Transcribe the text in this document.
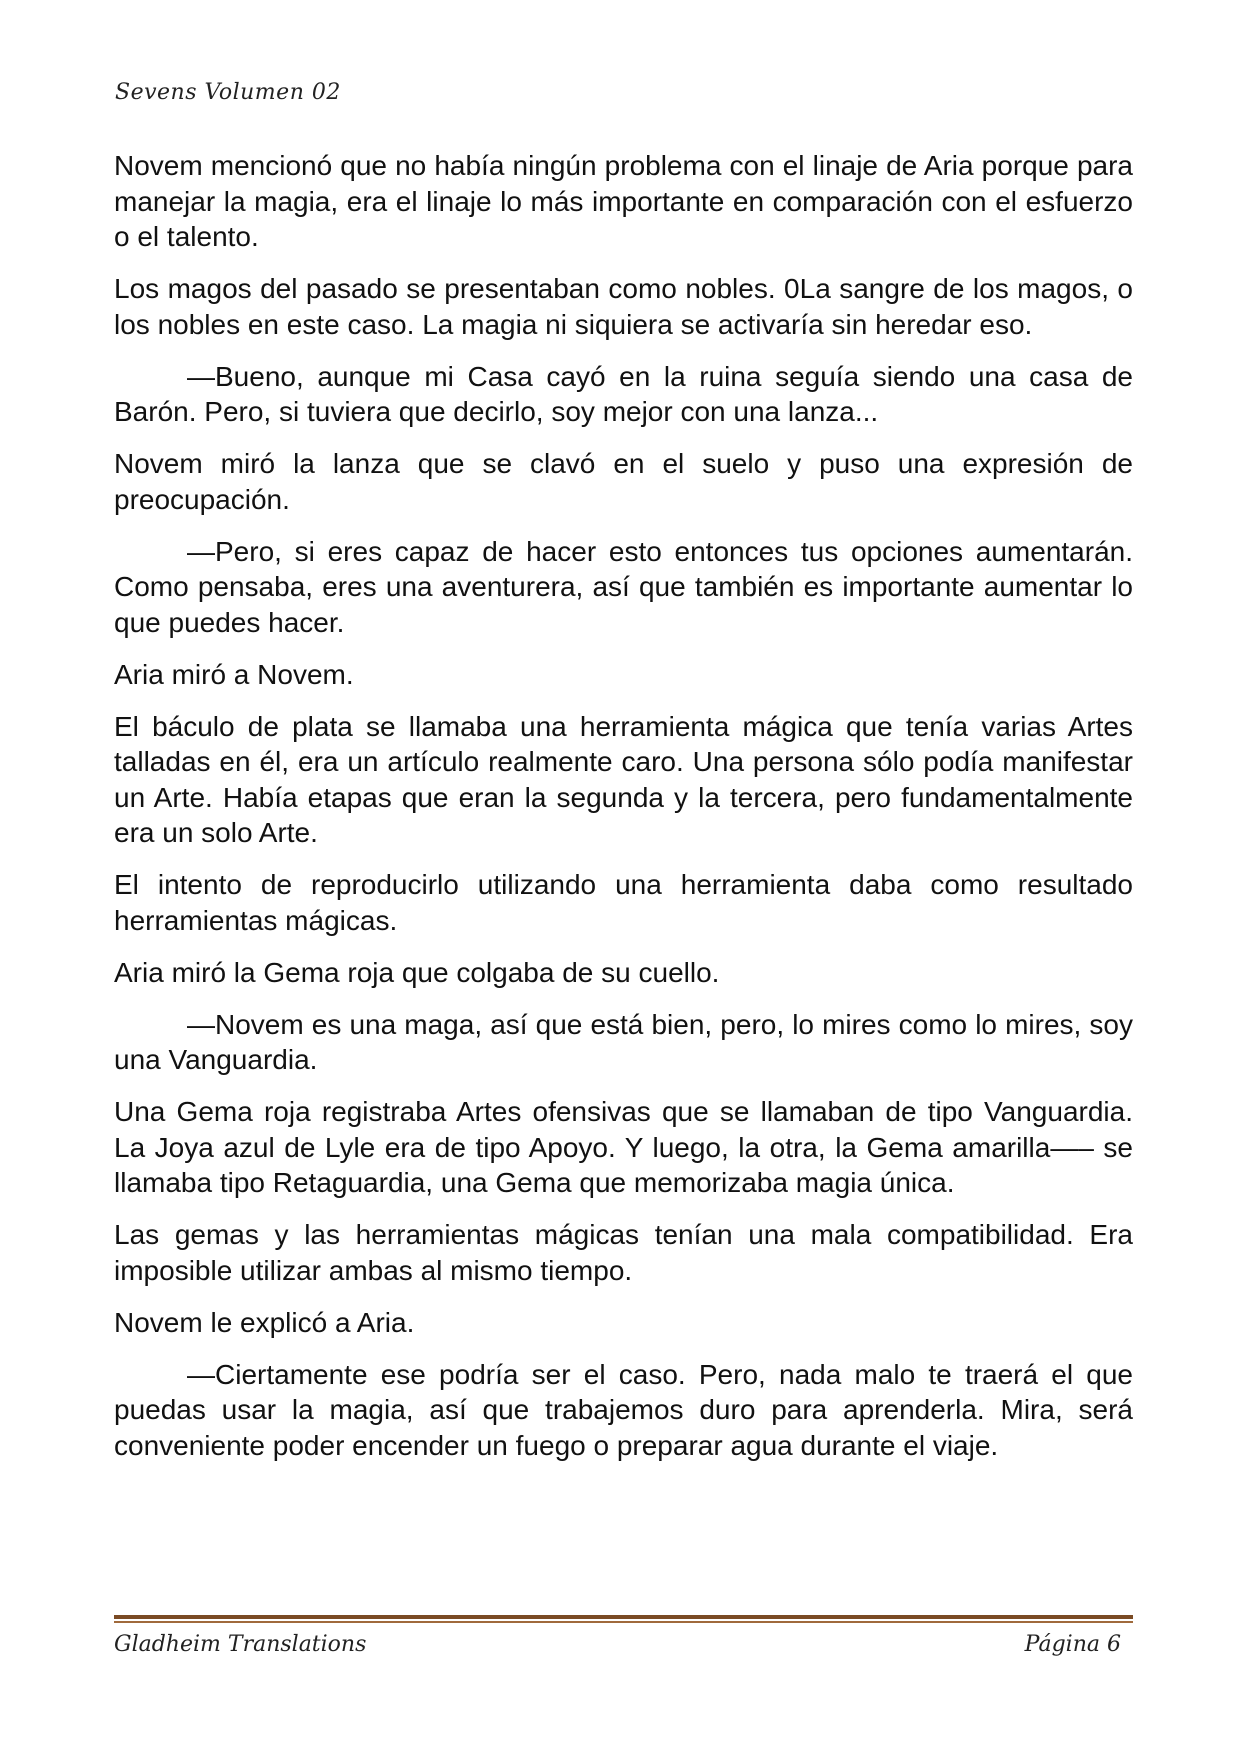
Sevens Volumen 02

Novem mencionó que no había ningún problema con el linaje de Aria porque para manejar la magia, era el linaje lo más importante en comparación con el esfuerzo o el talento.

Los magos del pasado se presentaban como nobles. 0La sangre de los magos, o los nobles en este caso. La magia ni siquiera se activaría sin heredar eso.

—Bueno, aunque mi Casa cayó en la ruina seguía siendo una casa de Barón. Pero, si tuviera que decirlo, soy mejor con una lanza...

Novem miró la lanza que se clavó en el suelo y puso una expresión de preocupación.

—Pero, si eres capaz de hacer esto entonces tus opciones aumentarán. Como pensaba, eres una aventurera, así que también es importante aumentar lo que puedes hacer.

Aria miró a Novem.

El báculo de plata se llamaba una herramienta mágica que tenía varias Artes talladas en él, era un artículo realmente caro. Una persona sólo podía manifestar un Arte. Había etapas que eran la segunda y la tercera, pero fundamentalmente era un solo Arte.

El intento de reproducirlo utilizando una herramienta daba como resultado herramientas mágicas.

Aria miró la Gema roja que colgaba de su cuello.

—Novem es una maga, así que está bien, pero, lo mires como lo mires, soy una Vanguardia.

Una Gema roja registraba Artes ofensivas que se llamaban de tipo Vanguardia. La Joya azul de Lyle era de tipo Apoyo. Y luego, la otra, la Gema amarilla—– se llamaba tipo Retaguardia, una Gema que memorizaba magia única.

Las gemas y las herramientas mágicas tenían una mala compatibilidad. Era imposible utilizar ambas al mismo tiempo.

Novem le explicó a Aria.

—Ciertamente ese podría ser el caso. Pero, nada malo te traerá el que puedas usar la magia, así que trabajemos duro para aprenderla. Mira, será conveniente poder encender un fuego o preparar agua durante el viaje.

Gladheim Translations	Página 6
